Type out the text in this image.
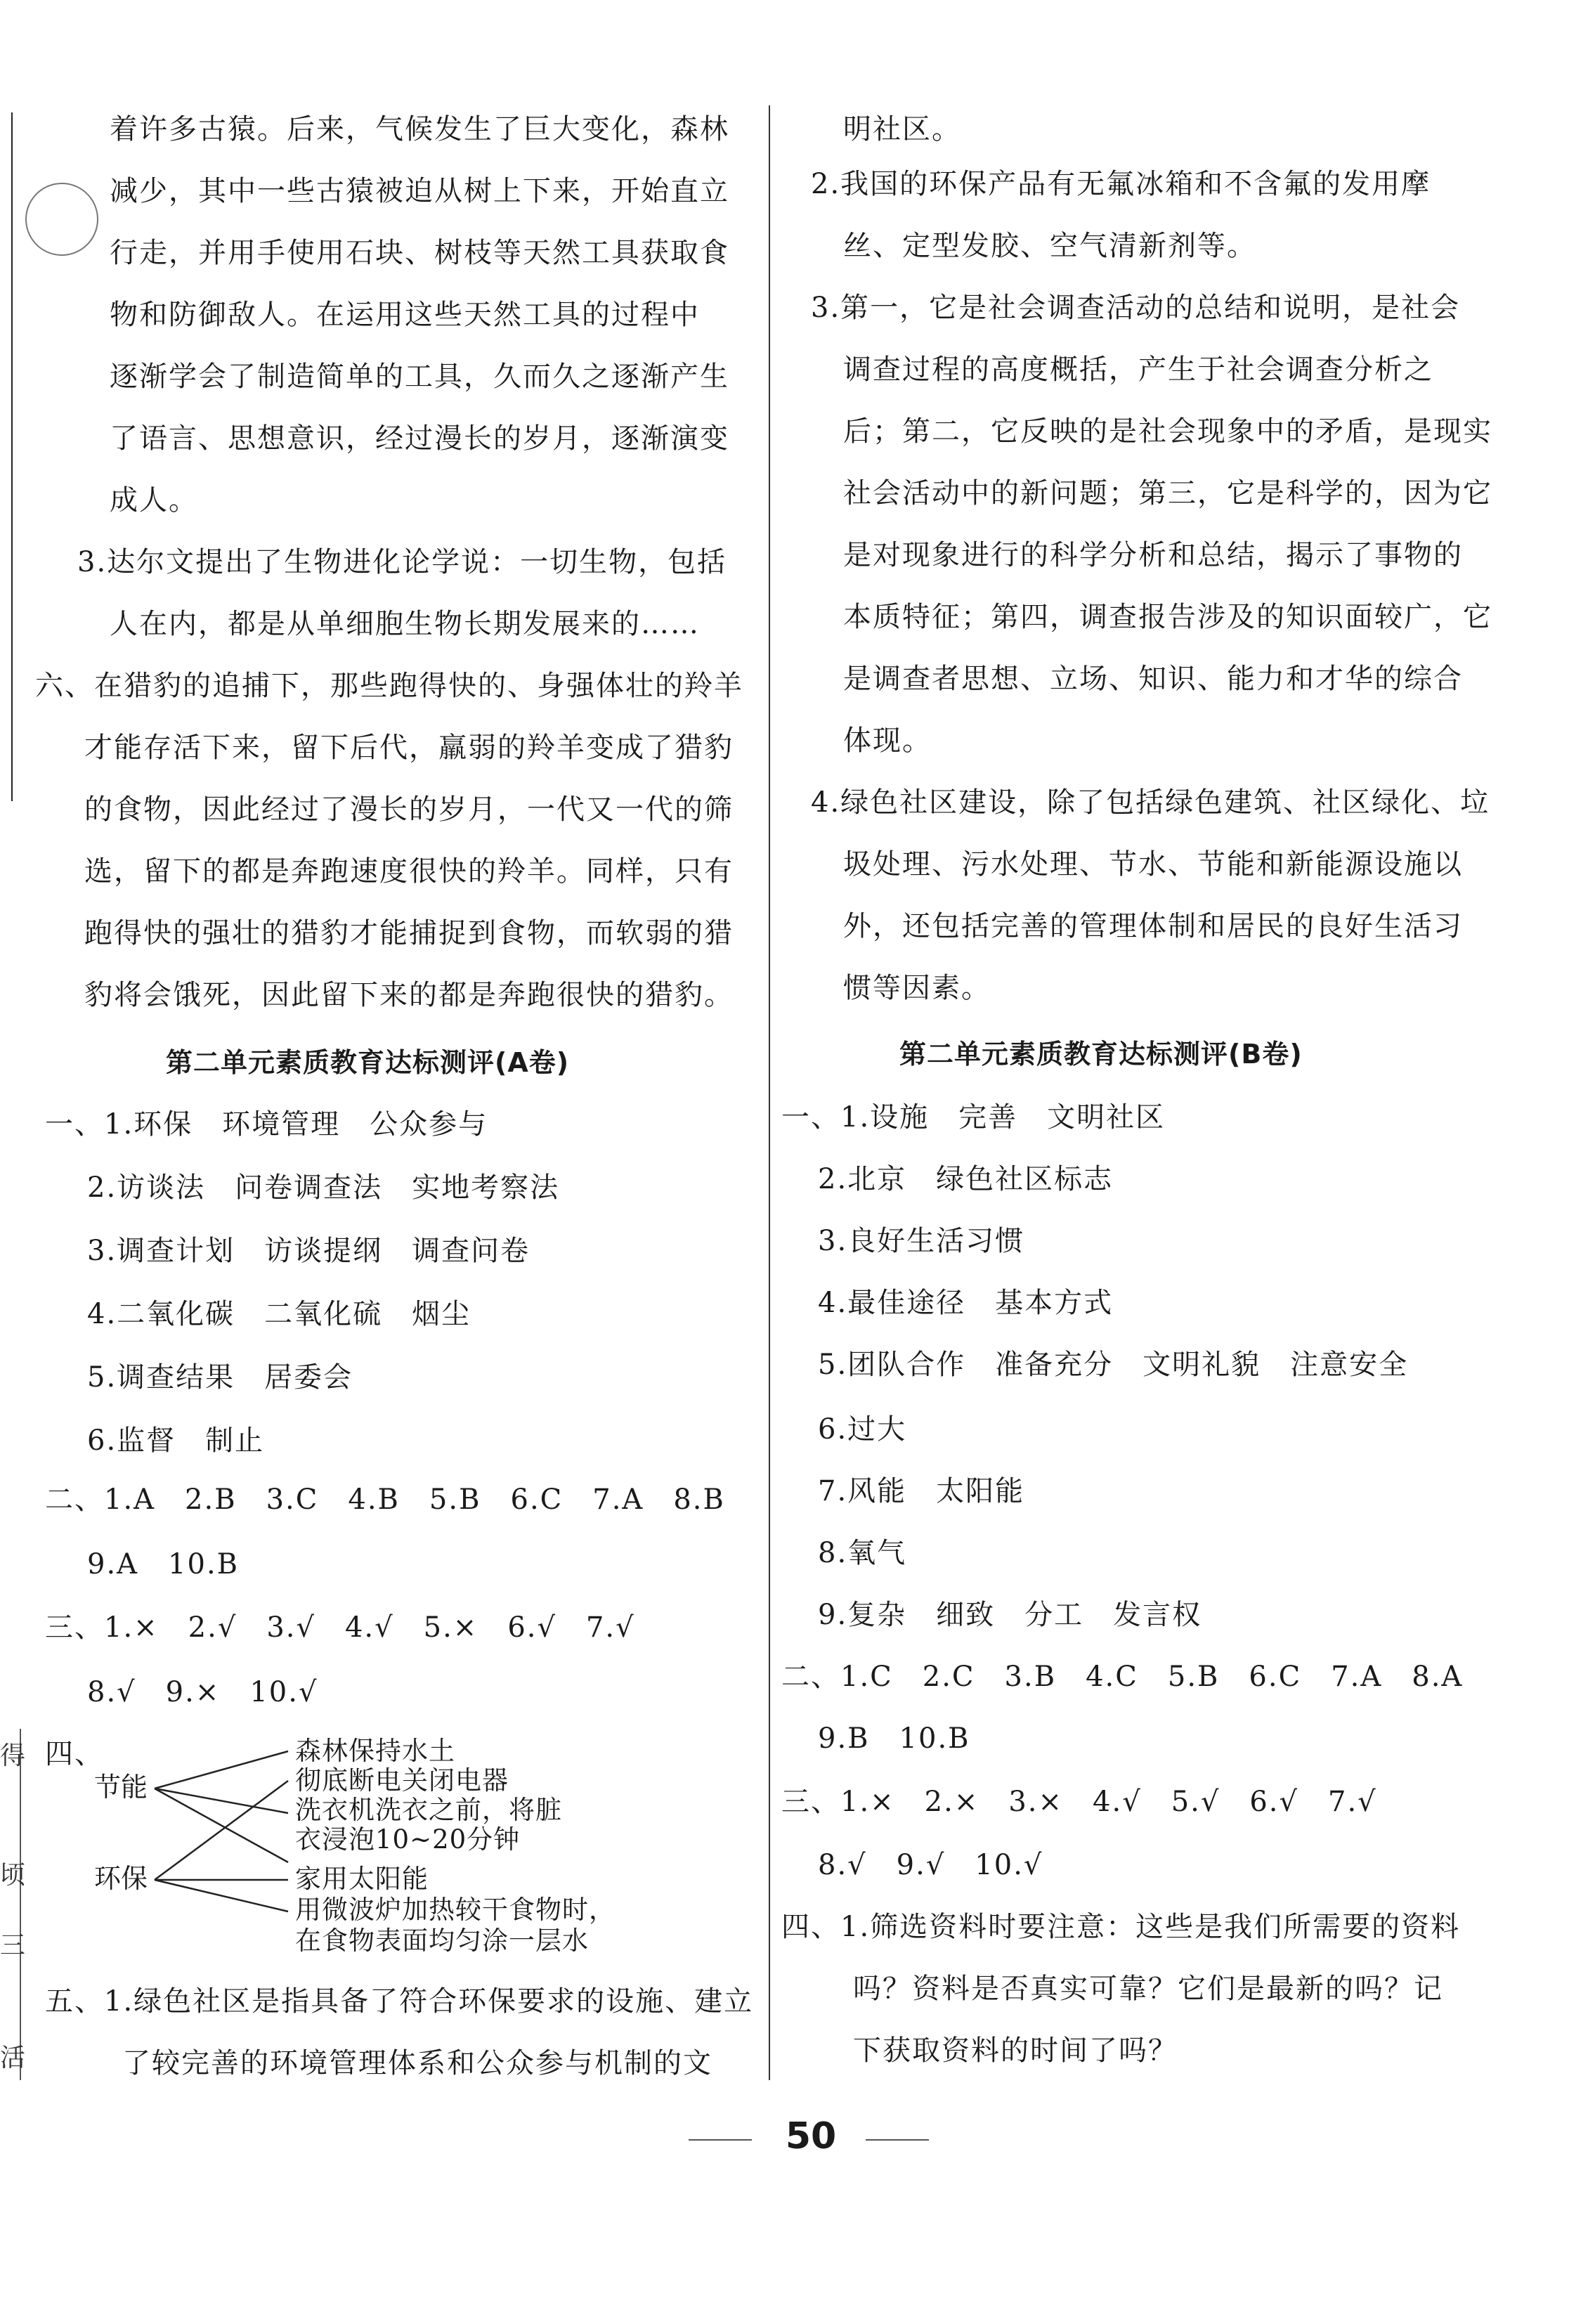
得
顷
三
活
着许多古猿。后来，气候发生了巨大变化，森林
减少，其中一些古猿被迫从树上下来，开始直立
行走，并用手使用石块、树枝等天然工具获取食
物和防御敌人。在运用这些天然工具的过程中
逐渐学会了制造简单的工具，久而久之逐渐产生
了语言、思想意识，经过漫长的岁月，逐渐演变
成人。
3.达尔文提出了生物进化论学说：一切生物，包括
人在内，都是从单细胞生物长期发展来的……
六、在猎豹的追捕下，那些跑得快的、身强体壮的羚羊
才能存活下来，留下后代，羸弱的羚羊变成了猎豹
的食物，因此经过了漫长的岁月，一代又一代的筛
选，留下的都是奔跑速度很快的羚羊。同样，只有
跑得快的强壮的猎豹才能捕捉到食物，而软弱的猎
豹将会饿死，因此留下来的都是奔跑很快的猎豹。
第二单元素质教育达标测评(A卷)
一、1.环保　环境管理　公众参与
2.访谈法　问卷调查法　实地考察法
3.调查计划　访谈提纲　调查问卷
4.二氧化碳　二氧化硫　烟尘
5.调查结果　居委会
6.监督　制止
二、1.A　2.B　3.C　4.B　5.B　6.C　7.A　8.B
9.A　10.B
三、1.×　2.√　3.√　4.√　5.×　6.√　7.√
8.√　9.×　10.√
四、
节能
环保
森林保持水土
彻底断电关闭电器
洗衣机洗衣之前，将脏
衣浸泡10~20分钟
家用太阳能
用微波炉加热较干食物时，
在食物表面均匀涂一层水
五、1.绿色社区是指具备了符合环保要求的设施、建立
了较完善的环境管理体系和公众参与机制的文
明社区。
2.我国的环保产品有无氟冰箱和不含氟的发用摩
丝、定型发胶、空气清新剂等。
3.第一，它是社会调查活动的总结和说明，是社会
调查过程的高度概括，产生于社会调查分析之
后；第二，它反映的是社会现象中的矛盾，是现实
社会活动中的新问题；第三，它是科学的，因为它
是对现象进行的科学分析和总结，揭示了事物的
本质特征；第四，调查报告涉及的知识面较广，它
是调查者思想、立场、知识、能力和才华的综合
体现。
4.绿色社区建设，除了包括绿色建筑、社区绿化、垃
圾处理、污水处理、节水、节能和新能源设施以
外，还包括完善的管理体制和居民的良好生活习
惯等因素。
第二单元素质教育达标测评(B卷)
一、1.设施　完善　文明社区
2.北京　绿色社区标志
3.良好生活习惯
4.最佳途径　基本方式
5.团队合作　准备充分　文明礼貌　注意安全
6.过大
7.风能　太阳能
8.氧气
9.复杂　细致　分工　发言权
二、1.C　2.C　3.B　4.C　5.B　6.C　7.A　8.A
9.B　10.B
三、1.×　2.×　3.×　4.√　5.√　6.√　7.√
8.√　9.√　10.√
四、1.筛选资料时要注意：这些是我们所需要的资料
吗？资料是否真实可靠？它们是最新的吗？记
下获取资料的时间了吗？
50
